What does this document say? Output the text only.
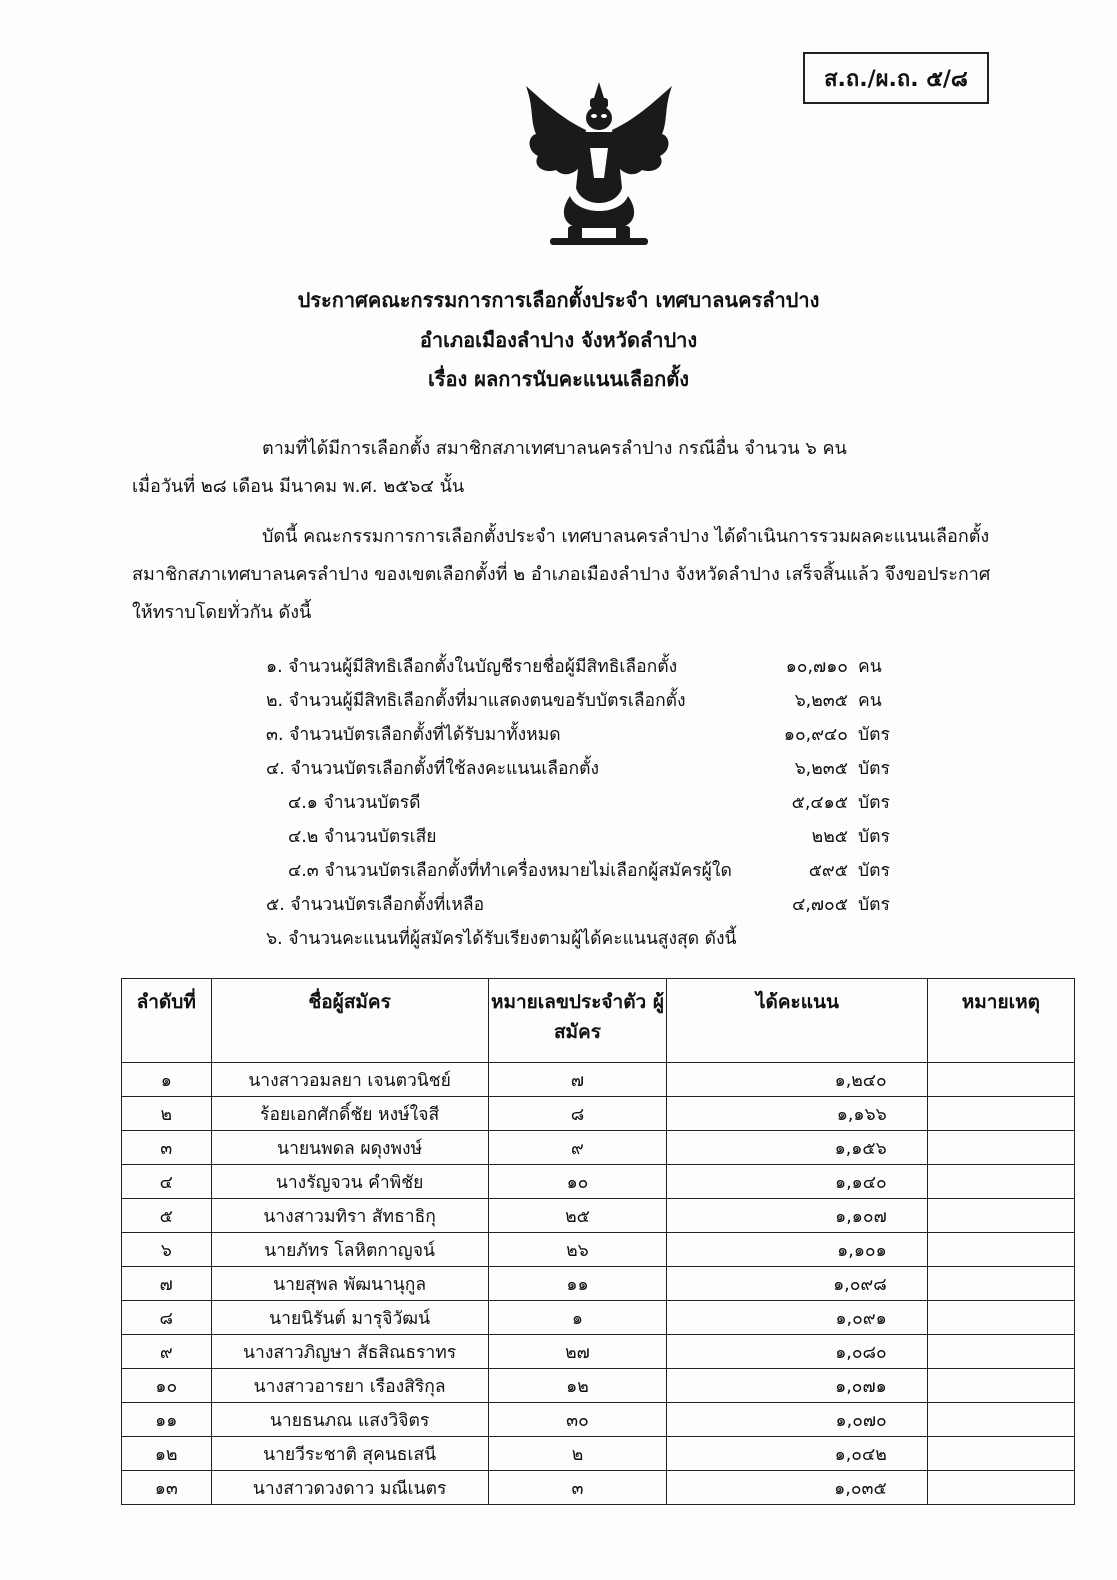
ส.ถ./ผ.ถ. ๕/๘
ประกาศคณะกรรมการการเลือกตั้งประจำ เทศบาลนครลำปาง
อำเภอเมืองลำปาง จังหวัดลำปาง
เรื่อง ผลการนับคะแนนเลือกตั้ง
ตามที่ได้มีการเลือกตั้ง สมาชิกสภาเทศบาลนครลำปาง กรณีอื่น จำนวน ๖ คน
เมื่อวันที่ ๒๘ เดือน มีนาคม พ.ศ. ๒๕๖๔ นั้น
บัดนี้ คณะกรรมการการเลือกตั้งประจำ เทศบาลนครลำปาง ได้ดำเนินการรวมผลคะแนนเลือกตั้ง
สมาชิกสภาเทศบาลนครลำปาง ของเขตเลือกตั้งที่ ๒ อำเภอเมืองลำปาง จังหวัดลำปาง เสร็จสิ้นแล้ว จึงขอประกาศ
ให้ทราบโดยทั่วกัน ดังนี้
๑. จำนวนผู้มีสิทธิเลือกตั้งในบัญชีรายชื่อผู้มีสิทธิเลือกตั้ง	๑๐,๗๑๐ คน
๒. จำนวนผู้มีสิทธิเลือกตั้งที่มาแสดงตนขอรับบัตรเลือกตั้ง	๖,๒๓๕ คน
๓. จำนวนบัตรเลือกตั้งที่ได้รับมาทั้งหมด	๑๐,๙๔๐ บัตร
๔. จำนวนบัตรเลือกตั้งที่ใช้ลงคะแนนเลือกตั้ง	๖,๒๓๕ บัตร
๔.๑ จำนวนบัตรดี	๕,๔๑๕ บัตร
๔.๒ จำนวนบัตรเสีย	๒๒๕ บัตร
๔.๓ จำนวนบัตรเลือกตั้งที่ทำเครื่องหมายไม่เลือกผู้สมัครผู้ใด	๕๙๕ บัตร
๕. จำนวนบัตรเลือกตั้งที่เหลือ	๔,๗๐๕ บัตร
๖. จำนวนคะแนนที่ผู้สมัครได้รับเรียงตามผู้ได้คะแนนสูงสุด ดังนี้
ลำดับที่	ชื่อผู้สมัคร	หมายเลขประจำตัว ผู้สมัคร	ได้คะแนน	หมายเหตุ
๑	นางสาวอมลยา เจนตวนิชย์	๗	๑,๒๔๐	
๒	ร้อยเอกศักดิ์ชัย หงษ์ใจสี	๘	๑,๑๖๖	
๓	นายนพดล ผดุงพงษ์	๙	๑,๑๕๖	
๔	นางรัญจวน คำพิชัย	๑๐	๑,๑๔๐	
๕	นางสาวมทิรา สัทธาธิกุ	๒๕	๑,๑๐๗	
๖	นายภัทร โลหิตกาญจน์	๒๖	๑,๑๐๑	
๗	นายสุพล พัฒนานุกูล	๑๑	๑,๐๙๘	
๘	นายนิรันต์ มารุจิวัฒน์	๑	๑,๐๙๑	
๙	นางสาวภิญษา สัธสิณธราทร	๒๗	๑,๐๘๐	
๑๐	นางสาวอารยา เรืองสิริกุล	๑๒	๑,๐๗๑	
๑๑	นายธนภณ แสงวิจิตร	๓๐	๑,๐๗๐	
๑๒	นายวีระชาติ สุคนธเสนี	๒	๑,๐๔๒	
๑๓	นางสาวดวงดาว มณีเนตร	๓	๑,๐๓๕	
